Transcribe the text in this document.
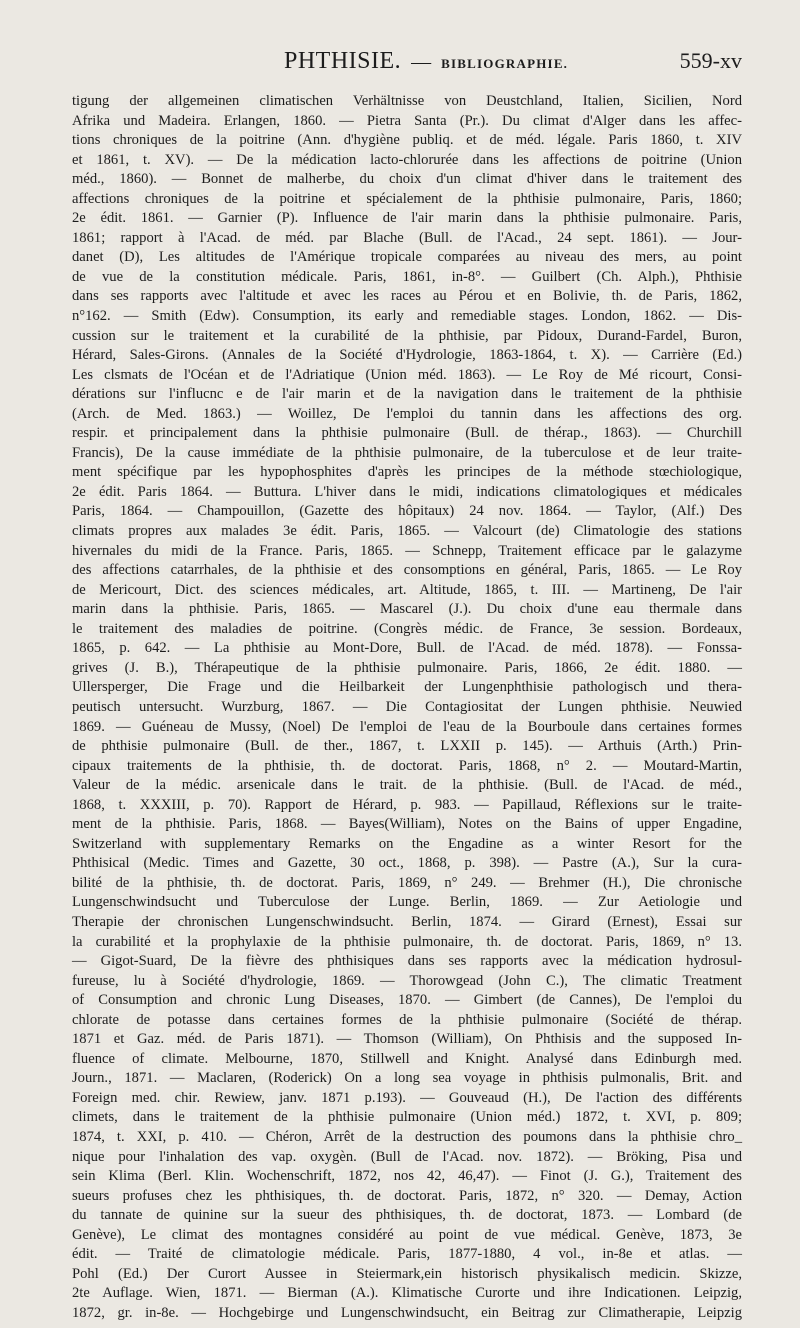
PHTHISIE. — BIBLIOGRAPHIE.	559-xv

tigung der allgemeinen climatischen Verhältnisse von Deustchland, Italien, Sicilien, Nord

Afrika und Madeira. Erlangen, 1860. — Pietra Santa (Pr.). Du climat d'Alger dans les affec-

tions chroniques de la poitrine (Ann. d'hygiène publiq. et de méd. légale. Paris 1860, t. XIV

et 1861, t. XV). — De la médication lacto-chlorurée dans les affections de poitrine (Union

méd., 1860). — Bonnet de malherbe, du choix d'un climat d'hiver dans le traitement des

affections chroniques de la poitrine et spécialement de la phthisie pulmonaire, Paris, 1860;

2e édit. 1861. — Garnier (P). Influence de l'air marin dans la phthisie pulmonaire. Paris,

1861; rapport à l'Acad. de méd. par Blache (Bull. de l'Acad., 24 sept. 1861). — Jour-

danet (D), Les altitudes de l'Amérique tropicale comparées au niveau des mers, au point

de vue de la constitution médicale. Paris, 1861, in-8°. — Guilbert (Ch. Alph.), Phthisie

dans ses rapports avec l'altitude et avec les races au Pérou et en Bolivie, th. de Paris, 1862,

n°162. — Smith (Edw). Consumption, its early and remediable stages. London, 1862. — Dis-

cussion sur le traitement et la curabilité de la phthisie, par Pidoux, Durand-Fardel, Buron,

Hérard, Sales-Girons. (Annales de la Société d'Hydrologie, 1863-1864, t. X). — Carrière (Ed.)

Les clsmats de l'Océan et de l'Adriatique (Union méd. 1863). — Le Roy de Mé ricourt, Consi-

dérations sur l'influcnc e de l'air marin et de la navigation dans le traitement de la phthisie

(Arch. de Med. 1863.) — Woillez, De l'emploi du tannin dans les affections des org.

respir. et principalement dans la phthisie pulmonaire (Bull. de thérap., 1863). — Churchill

Francis), De la cause immédiate de la phthisie pulmonaire, de la tuberculose et de leur traite-

ment spécifique par les hypophosphites d'après les principes de la méthode stœchiologique,

2e édit. Paris 1864. — Buttura. L'hiver dans le midi, indications climatologiques et médicales

Paris, 1864. — Champouillon, (Gazette des hôpitaux) 24 nov. 1864. — Taylor, (Alf.) Des

climats propres aux malades 3e édit. Paris, 1865. — Valcourt (de) Climatologie des stations

hivernales du midi de la France. Paris, 1865. — Schnepp, Traitement efficace par le galazyme

des affections catarrhales, de la phthisie et des consomptions en général, Paris, 1865. — Le Roy

de Mericourt, Dict. des sciences médicales, art. Altitude, 1865, t. III. — Martineng, De l'air

marin dans la phthisie. Paris, 1865. — Mascarel (J.). Du choix d'une eau thermale dans

le traitement des maladies de poitrine. (Congrès médic. de France, 3e session. Bordeaux,

1865, p. 642. — La phthisie au Mont-Dore, Bull. de l'Acad. de méd. 1878). — Fonssa-

grives (J. B.), Thérapeutique de la phthisie pulmonaire. Paris, 1866, 2e édit. 1880. —

Ullersperger, Die Frage und die Heilbarkeit der Lungenphthisie pathologisch und thera-

peutisch untersucht. Wurzburg, 1867. — Die Contagiositat der Lungen phthisie. Neuwied

1869. — Guéneau de Mussy, (Noel) De l'emploi de l'eau de la Bourboule dans certaines formes

de phthisie pulmonaire (Bull. de ther., 1867, t. LXXII p. 145). — Arthuis (Arth.) Prin-

cipaux traitements de la phthisie, th. de doctorat. Paris, 1868, n° 2. — Moutard-Martin,

Valeur de la médic. arsenicale dans le trait. de la phthisie. (Bull. de l'Acad. de méd.,

1868, t. XXXIII, p. 70). Rapport de Hérard, p. 983. — Papillaud, Réflexions sur le traite-

ment de la phthisie. Paris, 1868. — Bayes(William), Notes on the Bains of upper Engadine,

Switzerland with supplementary Remarks on the Engadine as a winter Resort for the

Phthisical (Medic. Times and Gazette, 30 oct., 1868, p. 398). — Pastre (A.), Sur la cura-

bilité de la phthisie, th. de doctorat. Paris, 1869, n° 249. — Brehmer (H.), Die chronische

Lungenschwindsucht und Tuberculose der Lunge. Berlin, 1869. — Zur Aetiologie und

Therapie der chronischen Lungenschwindsucht. Berlin, 1874. — Girard (Ernest), Essai sur

la curabilité et la prophylaxie de la phthisie pulmonaire, th. de doctorat. Paris, 1869, n° 13.

— Gigot-Suard, De la fièvre des phthisiques dans ses rapports avec la médication hydrosul-

fureuse, lu à Société d'hydrologie, 1869. — Thorowgead (John C.), The climatic Treatment

of Consumption and chronic Lung Diseases, 1870. — Gimbert (de Cannes), De l'emploi du

chlorate de potasse dans certaines formes de la phthisie pulmonaire (Société de thérap.

1871 et Gaz. méd. de Paris 1871). — Thomson (William), On Phthisis and the supposed In-

fluence of climate. Melbourne, 1870, Stillwell and Knight. Analysé dans Edinburgh med.

Journ., 1871. — Maclaren, (Roderick) On a long sea voyage in phthisis pulmonalis, Brit. and

Foreign med. chir. Rewiew, janv. 1871 p.193). — Gouveaud (H.), De l'action des différents

climets, dans le traitement de la phthisie pulmonaire (Union méd.) 1872, t. XVI, p. 809;

1874, t. XXI, p. 410. — Chéron, Arrêt de la destruction des poumons dans la phthisie chro_

nique pour l'inhalation des vap. oxygèn. (Bull de l'Acad. nov. 1872). — Bröking, Pisa und

sein Klima (Berl. Klin. Wochenschrift, 1872, nos 42, 46,47). — Finot (J. G.), Traitement des

sueurs profuses chez les phthisiques, th. de doctorat. Paris, 1872, n° 320. — Demay, Action

du tannate de quinine sur la sueur des phthisiques, th. de doctorat, 1873. — Lombard (de

Genève), Le climat des montagnes considéré au point de vue médical. Genève, 1873, 3e

édit. — Traité de climatologie médicale. Paris, 1877-1880, 4 vol., in-8e et atlas. —

Pohl (Ed.) Der Curort Aussee in Steiermark,ein historisch physikalisch medicin. Skizze,

2te Auflage. Wien, 1871. — Bierman (A.). Klimatische Curorte und ihre Indicationen. Leipzig,

1872, gr. in-8e. — Hochgebirge und Lungenschwindsucht, ein Beitrag zur Climatherapie, Leipzig
